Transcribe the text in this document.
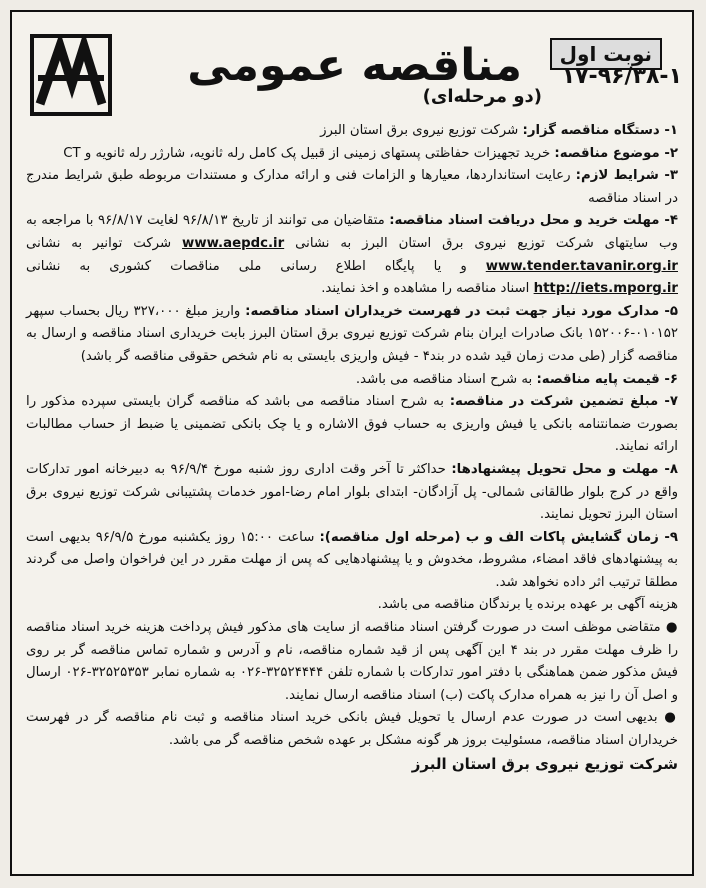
مناقصه عمومی
(دو مرحله‌ای)
نوبت اول
۱۷-۹۶/۳۸-۱

۱- دستگاه مناقصه گزار: شرکت توزیع نیروی برق استان البرز

۲- موضوع مناقصه: خرید تجهیزات حفاظتی پستهای زمینی از قبیل پک کامل رله ثانویه، شارژر رله ثانویه و CT

۳- شرایط لازم: رعایت استانداردها، معیارها و الزامات فنی و ارائه مدارک و مستندات مربوطه طبق شرایط مندرج در اسناد مناقصه

۴- مهلت خرید و محل دریافت اسناد مناقصه: متقاضیان می توانند از تاریخ ۹۶/۸/۱۳ لغایت ۹۶/۸/۱۷ با مراجعه به وب سایتهای شرکت توزیع نیروی برق استان البرز به نشانی www.aepdc.ir شرکت توانیر به نشانی www.tender.tavanir.org.ir و یا پایگاه اطلاع رسانی ملی مناقصات کشوری به نشانی http://iets.mporg.ir اسناد مناقصه را مشاهده و اخذ نمایند.

۵- مدارک مورد نیاز جهت ثبت در فهرست خریداران اسناد مناقصه: واریز مبلغ ۳۲۷،۰۰۰ ریال بحساب سپهر ۰۱۰۱۵۲-۱۵۲۰۰۶ بانک صادرات ایران بنام شرکت توزیع نیروی برق استان البرز بابت خریداری اسناد مناقصه و ارسال به مناقصه گزار (طی مدت زمان قید شده در بند۴ - فیش واریزی بایستی به نام شخص حقوقی مناقصه گر باشد)

۶- قیمت پایه مناقصه: به شرح اسناد مناقصه می باشد.

۷- مبلغ تضمین شرکت در مناقصه: به شرح اسناد مناقصه می باشد که مناقصه گران بایستی سپرده مذکور را بصورت ضمانتنامه بانکی یا فیش واریزی به حساب فوق الاشاره و یا چک بانکی تضمینی یا ضبط از حساب مطالبات ارائه نمایند.

۸- مهلت و محل تحویل پیشنهادها: حداکثر تا آخر وقت اداری روز شنبه مورخ ۹۶/۹/۴ به دبیرخانه امور تدارکات واقع در کرج بلوار طالقانی شمالی- پل آزادگان- ابتدای بلوار امام رضا-امور خدمات پشتیبانی شرکت توزیع نیروی برق استان البرز تحویل نمایند.

۹- زمان گشایش پاکات الف و ب (مرحله اول مناقصه): ساعت ۱۵:۰۰ روز یکشنبه مورخ ۹۶/۹/۵ بدیهی است به پیشنهادهای فاقد امضاء، مشروط، مخدوش و یا پیشنهادهایی که پس از مهلت مقرر در این فراخوان واصل می گردند مطلقا ترتیب اثر داده نخواهد شد.

هزینه آگهی بر عهده برنده یا برندگان مناقصه می باشد.

● متقاضی موظف است در صورت گرفتن اسناد مناقصه از سایت های مذکور فیش پرداخت هزینه خرید اسناد مناقصه را ظرف مهلت مقرر در بند ۴ این آگهی پس از قید شماره مناقصه، نام و آدرس و شماره تماس مناقصه گر بر روی فیش مذکور ضمن هماهنگی با دفتر امور تدارکات با شماره تلفن ۳۲۵۲۴۴۴۴-۰۲۶ به شماره نمابر ۳۲۵۲۵۳۵۳-۰۲۶ ارسال و اصل آن را نیز به همراه مدارک پاکت (ب) اسناد مناقصه ارسال نمایند.

● بدیهی است در صورت عدم ارسال یا تحویل فیش بانکی خرید اسناد مناقصه و ثبت نام مناقصه گر در فهرست خریداران اسناد مناقصه، مسئولیت بروز هر گونه مشکل بر عهده شخص مناقصه گر می باشد.

شرکت توزیع نیروی برق استان البرز
